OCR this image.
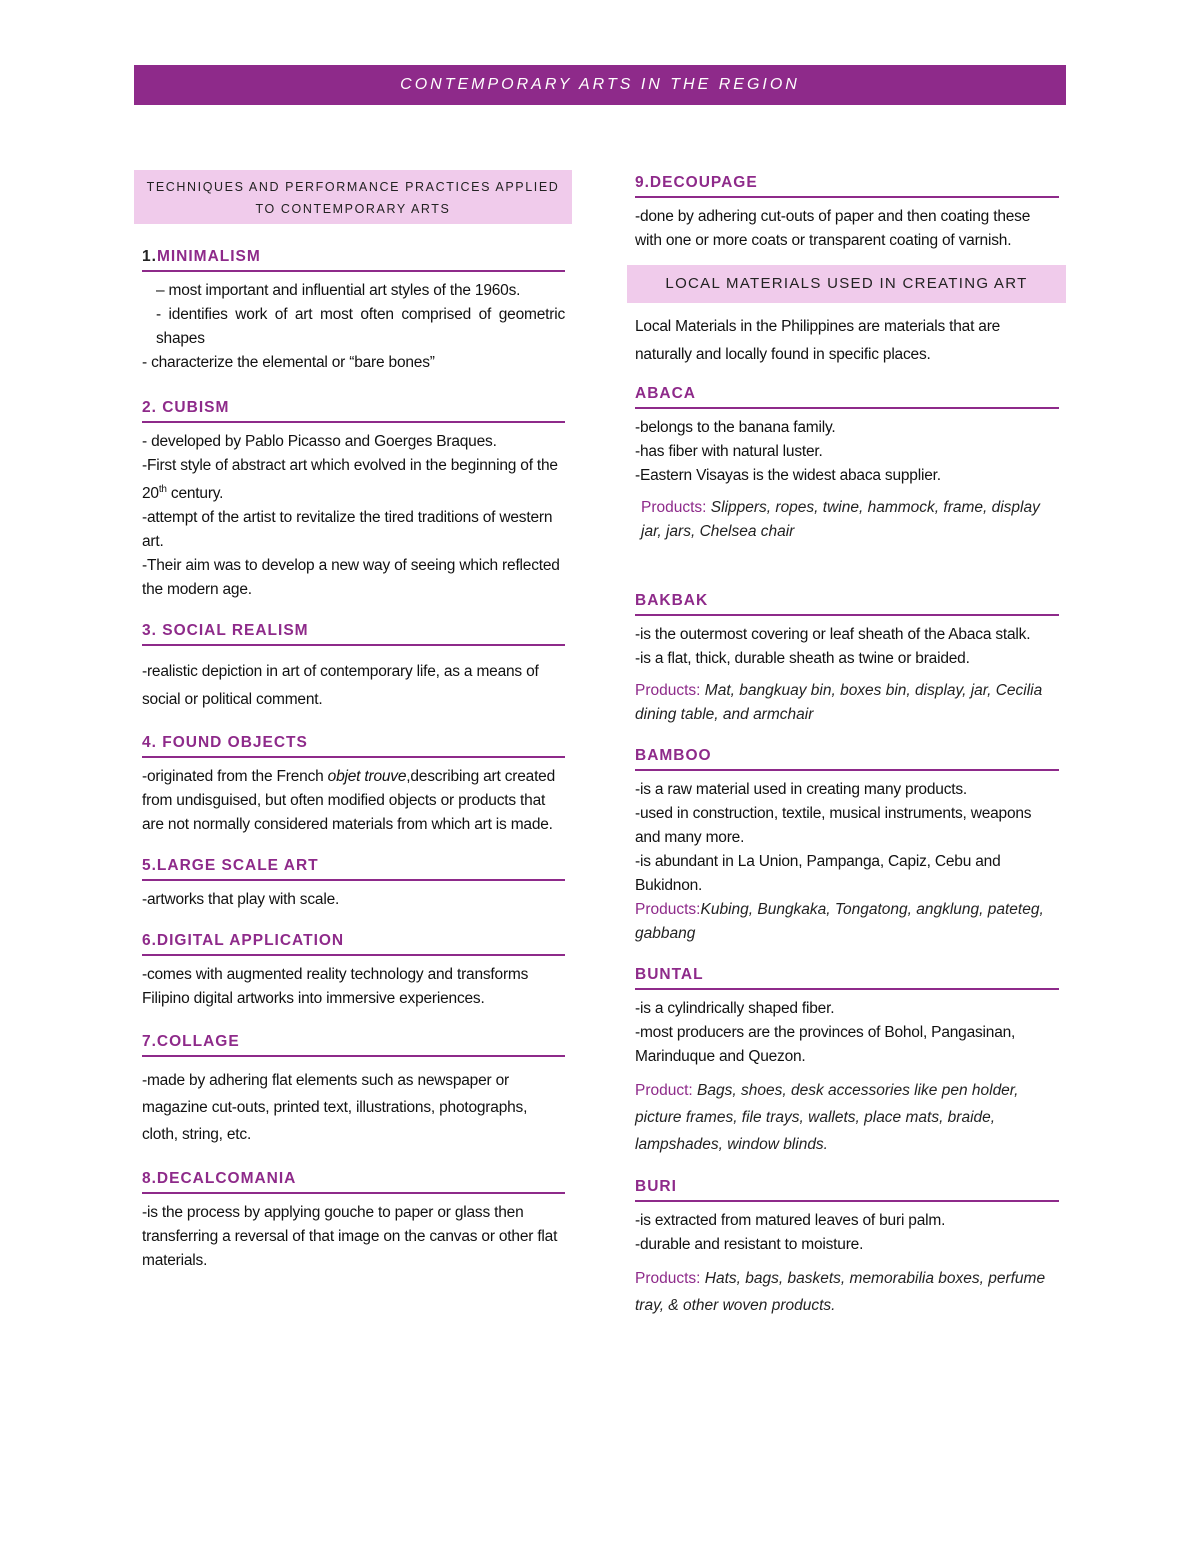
CONTEMPORARY ARTS IN THE REGION
TECHNIQUES AND PERFORMANCE PRACTICES APPLIED TO CONTEMPORARY ARTS
1.MINIMALISM

– most important and influential art styles of the 1960s.

- identifies work of art most often comprised of geometric shapes

- characterize the elemental or “bare bones”

2. CUBISM

- developed by Pablo Picasso and Goerges Braques.

-First style of abstract art which evolved in the beginning of the 20th century.

-attempt of the artist to revitalize the tired traditions of western art.

-Their aim was to develop a new way of seeing which reflected the modern age.

3. SOCIAL REALISM
-realistic depiction in art of contemporary life, as a means of social or political comment.
4. FOUND OBJECTS
-originated from the French objet trouve,describing art created from undisguised, but often modified objects or products that are not normally considered materials from which art is made.
5.LARGE SCALE ART
-artworks that play with scale.
6.DIGITAL APPLICATION
-comes with augmented reality technology and transforms Filipino digital artworks into immersive experiences.
7.COLLAGE
-made by adhering flat elements such as newspaper or magazine cut-outs, printed text, illustrations, photographs, cloth, string, etc.
8.DECALCOMANIA
-is the process by applying gouche to paper or glass then transferring a reversal of that image on the canvas or other flat materials.
9.DECOUPAGE
-done by adhering cut-outs of paper and then coating these with one or more coats or transparent coating of varnish.
LOCAL MATERIALS USED IN CREATING ART
Local Materials in the Philippines are materials that are naturally and locally found in specific places.
ABACA

-belongs to the banana family.

-has fiber with natural luster.

-Eastern Visayas is the widest abaca supplier.

Products: Slippers, ropes, twine, hammock, frame, display jar, jars, Chelsea chair
BAKBAK

-is the outermost covering or leaf sheath of the Abaca stalk.

-is a flat, thick, durable sheath as twine or braided.

Products: Mat, bangkuay bin, boxes bin, display, jar, Cecilia dining table, and armchair
BAMBOO

-is a raw material used in creating many products.

-used in construction, textile, musical instruments, weapons and many more.

-is abundant in La Union, Pampanga, Capiz, Cebu and Bukidnon.

Products:Kubing, Bungkaka, Tongatong, angklung, pateteg, gabbang
BUNTAL

-is a cylindrically shaped fiber.

-most producers are the provinces of Bohol, Pangasinan, Marinduque and Quezon.

Product: Bags, shoes, desk accessories like pen holder, picture frames, file trays, wallets, place mats, braide, lampshades, window blinds.
BURI

-is extracted from matured leaves of buri palm.

-durable and resistant to moisture.

Products: Hats, bags, baskets, memorabilia boxes, perfume tray, & other woven products.
